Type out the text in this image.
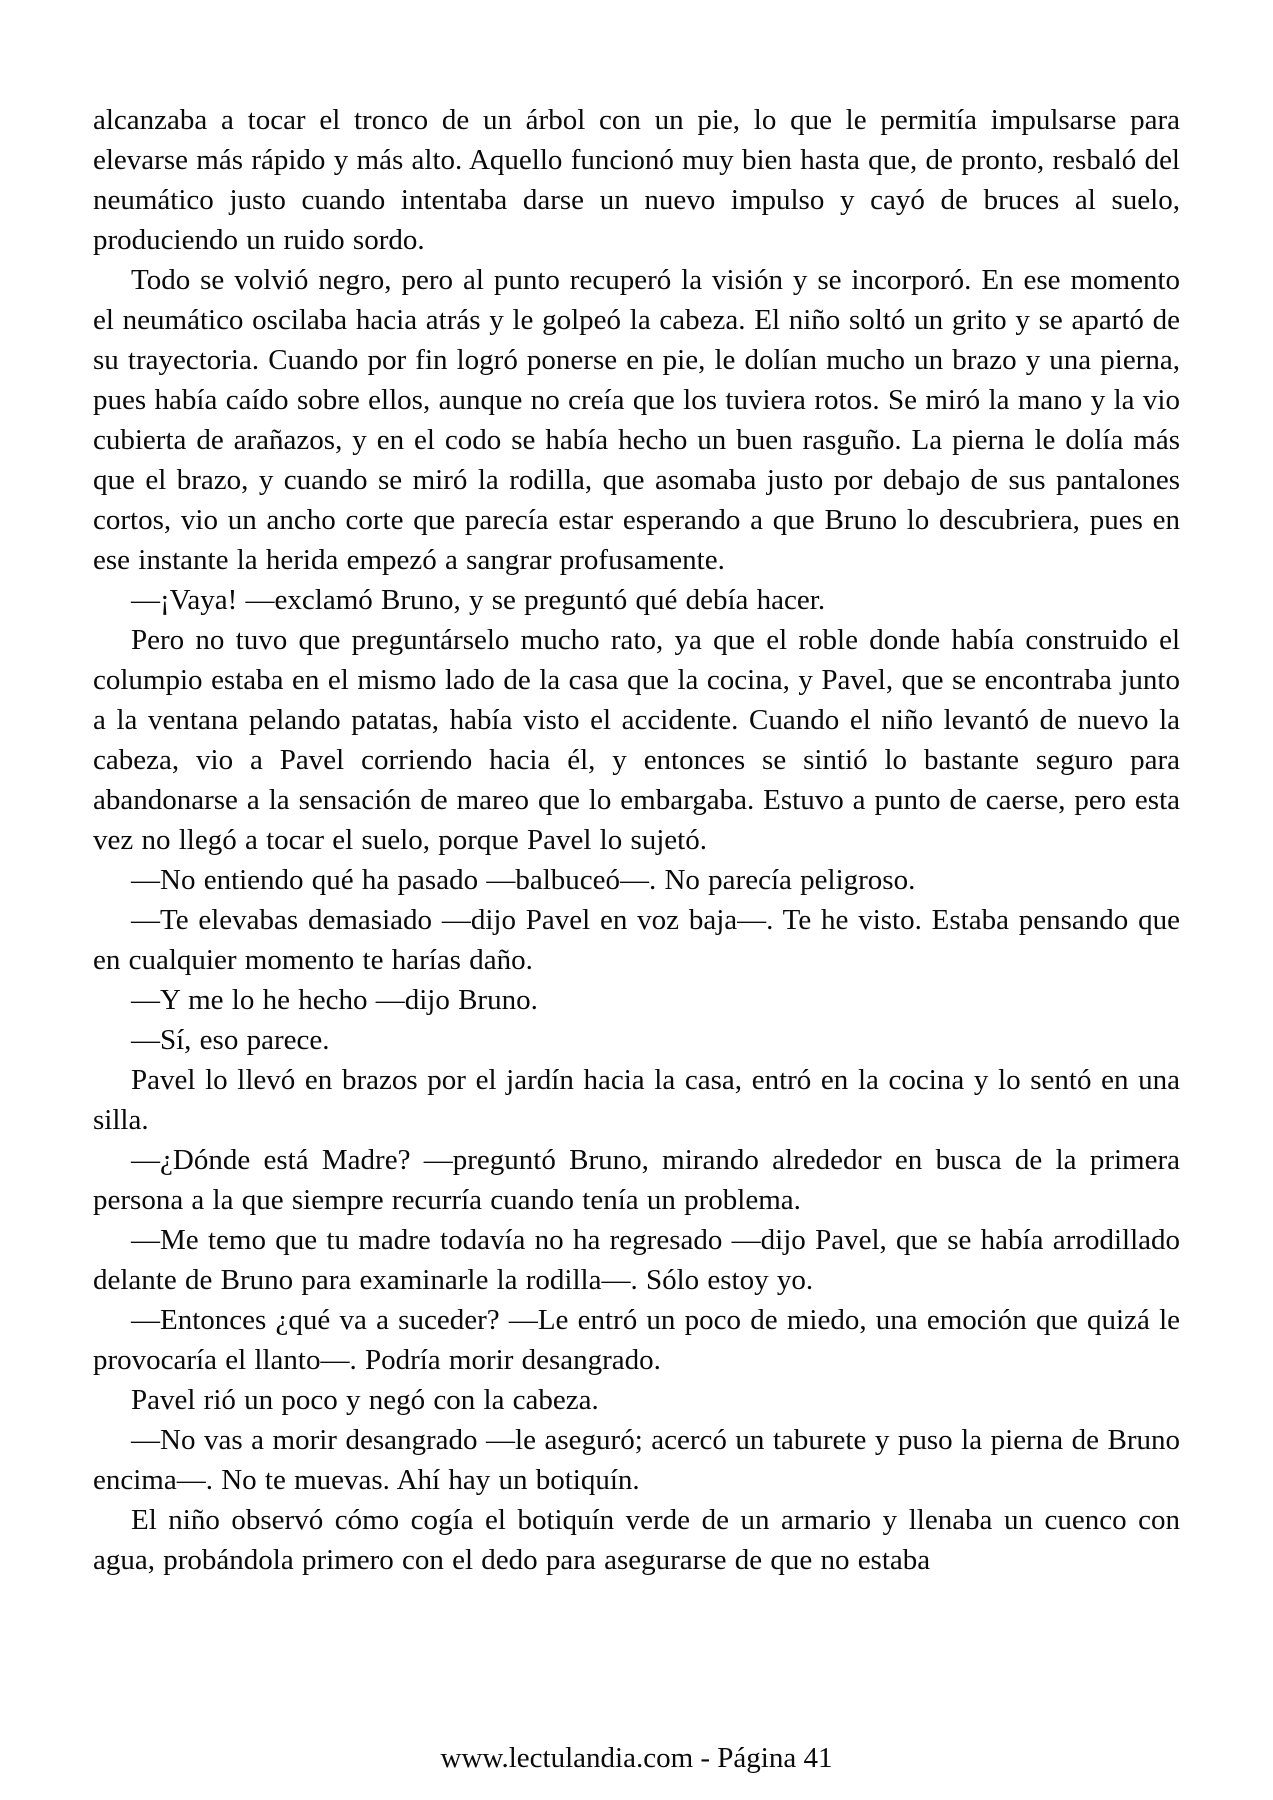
alcanzaba a tocar el tronco de un árbol con un pie, lo que le permitía impulsarse para elevarse más rápido y más alto. Aquello funcionó muy bien hasta que, de pronto, resbaló del neumático justo cuando intentaba darse un nuevo impulso y cayó de bruces al suelo, produciendo un ruido sordo.

Todo se volvió negro, pero al punto recuperó la visión y se incorporó. En ese momento el neumático oscilaba hacia atrás y le golpeó la cabeza. El niño soltó un grito y se apartó de su trayectoria. Cuando por fin logró ponerse en pie, le dolían mucho un brazo y una pierna, pues había caído sobre ellos, aunque no creía que los tuviera rotos. Se miró la mano y la vio cubierta de arañazos, y en el codo se había hecho un buen rasguño. La pierna le dolía más que el brazo, y cuando se miró la rodilla, que asomaba justo por debajo de sus pantalones cortos, vio un ancho corte que parecía estar esperando a que Bruno lo descubriera, pues en ese instante la herida empezó a sangrar profusamente.

—¡Vaya! —exclamó Bruno, y se preguntó qué debía hacer.

Pero no tuvo que preguntárselo mucho rato, ya que el roble donde había construido el columpio estaba en el mismo lado de la casa que la cocina, y Pavel, que se encontraba junto a la ventana pelando patatas, había visto el accidente. Cuando el niño levantó de nuevo la cabeza, vio a Pavel corriendo hacia él, y entonces se sintió lo bastante seguro para abandonarse a la sensación de mareo que lo embargaba. Estuvo a punto de caerse, pero esta vez no llegó a tocar el suelo, porque Pavel lo sujetó.

—No entiendo qué ha pasado —balbuceó—. No parecía peligroso.

—Te elevabas demasiado —dijo Pavel en voz baja—. Te he visto. Estaba pensando que en cualquier momento te harías daño.

—Y me lo he hecho —dijo Bruno.

—Sí, eso parece.

Pavel lo llevó en brazos por el jardín hacia la casa, entró en la cocina y lo sentó en una silla.

—¿Dónde está Madre? —preguntó Bruno, mirando alrededor en busca de la primera persona a la que siempre recurría cuando tenía un problema.

—Me temo que tu madre todavía no ha regresado —dijo Pavel, que se había arrodillado delante de Bruno para examinarle la rodilla—. Sólo estoy yo.

—Entonces ¿qué va a suceder? —Le entró un poco de miedo, una emoción que quizá le provocaría el llanto—. Podría morir desangrado.

Pavel rió un poco y negó con la cabeza.

—No vas a morir desangrado —le aseguró; acercó un taburete y puso la pierna de Bruno encima—. No te muevas. Ahí hay un botiquín.

El niño observó cómo cogía el botiquín verde de un armario y llenaba un cuenco con agua, probándola primero con el dedo para asegurarse de que no estaba

www.lectulandia.com - Página 41
